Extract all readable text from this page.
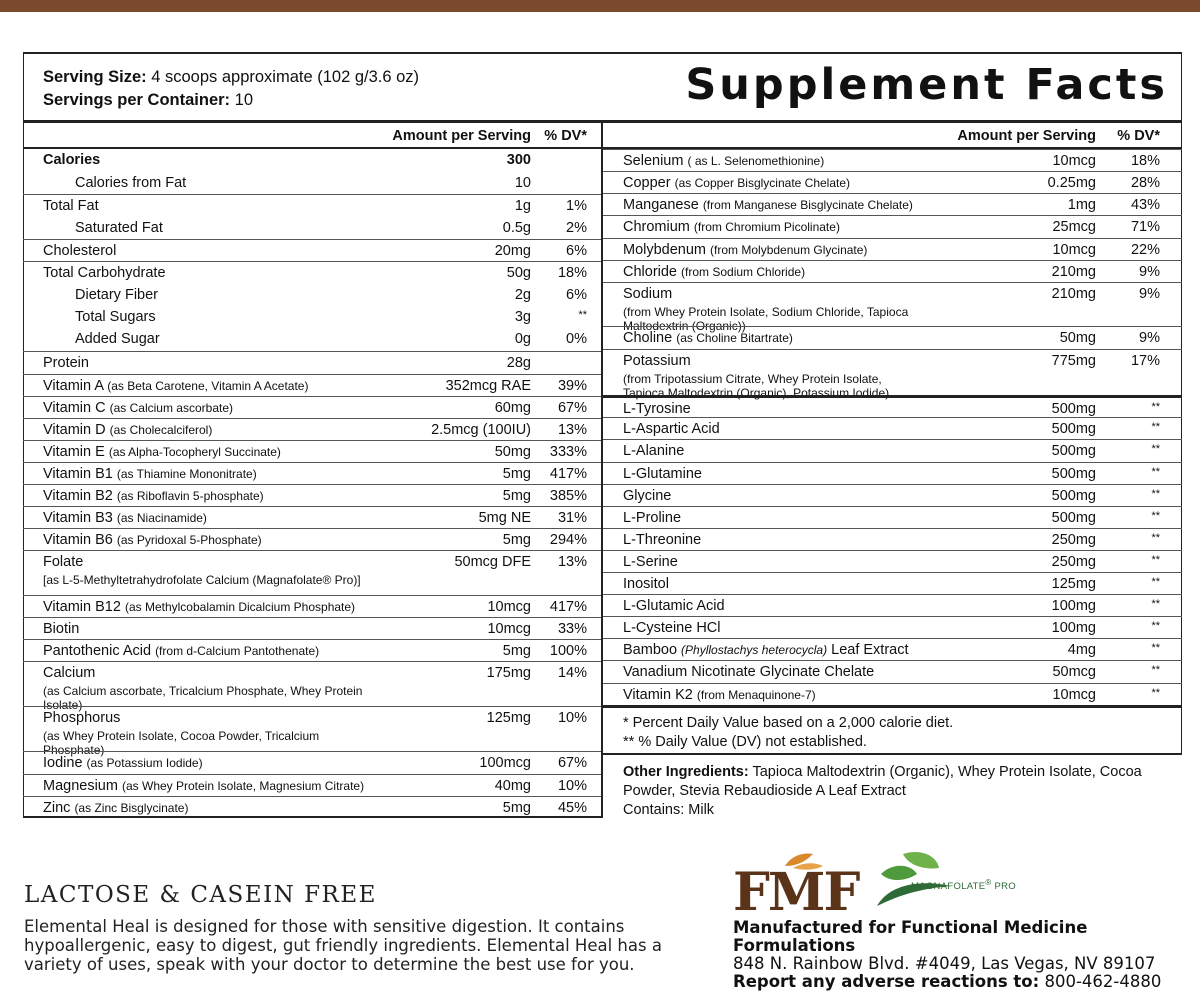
Serving Size: 4 scoops approximate (102 g/3.6 oz)
Servings per Container: 10	Supplement Facts
Amount per Serving % DV*
Calories	300
Calories from Fat	10
Total Fat	1g	1%
Saturated Fat	0.5g	2%
Cholesterol	20mg	6%
Total Carbohydrate	50g	18%
Dietary Fiber	2g	6%
Total Sugars	3g	**
Added Sugar	0g	0%
Protein	28g
Vitamin A (as Beta Carotene, Vitamin A Acetate)	352mcg RAE	39%
Vitamin C (as Calcium ascorbate)	60mg	67%
Vitamin D (as Cholecalciferol)	2.5mcg (100IU)	13%
Vitamin E (as Alpha-Tocopheryl Succinate)	50mg	333%
Vitamin B1 (as Thiamine Mononitrate)	5mg	417%
Vitamin B2 (as Riboflavin 5-phosphate)	5mg	385%
Vitamin B3 (as Niacinamide)	5mg NE	31%
Vitamin B6 (as Pyridoxal 5-Phosphate)	5mg	294%
Folate
[as L-5-Methyltetrahydrofolate Calcium (Magnafolate® Pro)]
50mcg DFE	13%
Vitamin B12 (as Methylcobalamin Dicalcium Phosphate)	10mcg	417%
Biotin	10mcg	33%
Pantothenic Acid (from d-Calcium Pantothenate)	5mg	100%
Calcium
(as Calcium ascorbate, Tricalcium Phosphate, Whey Protein Isolate)
175mg	14%
Phosphorus
(as Whey Protein Isolate, Cocoa Powder, Tricalcium Phosphate)
125mg	10%
Iodine (as Potassium Iodide)	100mcg	67%
Magnesium (as Whey Protein Isolate, Magnesium Citrate)	40mg	10%
Zinc (as Zinc Bisglycinate)	5mg	45%
Amount per Serving	% DV*
Selenium ( as L. Selenomethionine)	10mcg	18%
Copper (as Copper Bisglycinate Chelate)	0.25mg	28%
Manganese (from Manganese Bisglycinate Chelate)	1mg	43%
Chromium (from Chromium Picolinate)	25mcg	71%
Molybdenum (from Molybdenum Glycinate)	10mcg	22%
Chloride (from Sodium Chloride)	210mg	9%
Sodium
(from Whey Protein Isolate, Sodium Chloride, Tapioca Maltodextrin (Organic))
210mg	9%
Choline (as Choline Bitartrate)	50mg	9%
Potassium
(from Tripotassium Citrate, Whey Protein Isolate, Tapioca Maltodextrin (Organic), Potassium Iodide)
775mg	17%
L-Tyrosine	500mg	**
L-Aspartic Acid	500mg	**
L-Alanine	500mg	**
L-Glutamine	500mg	**
Glycine	500mg	**
L-Proline	500mg	**
L-Threonine	250mg	**
L-Serine	250mg	**
Inositol	125mg	**
L-Glutamic Acid	100mg	**
L-Cysteine HCl	100mg	**
Bamboo (Phyllostachys heterocycla) Leaf Extract	4mg	**
Vanadium Nicotinate Glycinate Chelate	50mcg	**
Vitamin K2 (from Menaquinone-7)	10mcg	**
* Percent Daily Value based on a 2,000 calorie diet.
** % Daily Value (DV) not established.
Other Ingredients: Tapioca Maltodextrin (Organic), Whey Protein Isolate, Cocoa Powder, Stevia Rebaudioside A Leaf Extract
Contains: Milk
LACTOSE & CASEIN FREE
Elemental Heal is designed for those with sensitive digestion. It contains hypoallergenic, easy to digest, gut friendly ingredients. Elemental Heal has a variety of uses, speak with your doctor to determine the best use for you.
FMF	MAGNAFOLATE® PRO
Manufactured for Functional Medicine Formulations
848 N. Rainbow Blvd. #4049, Las Vegas, NV 89107
Report any adverse reactions to: 800-462-4880
